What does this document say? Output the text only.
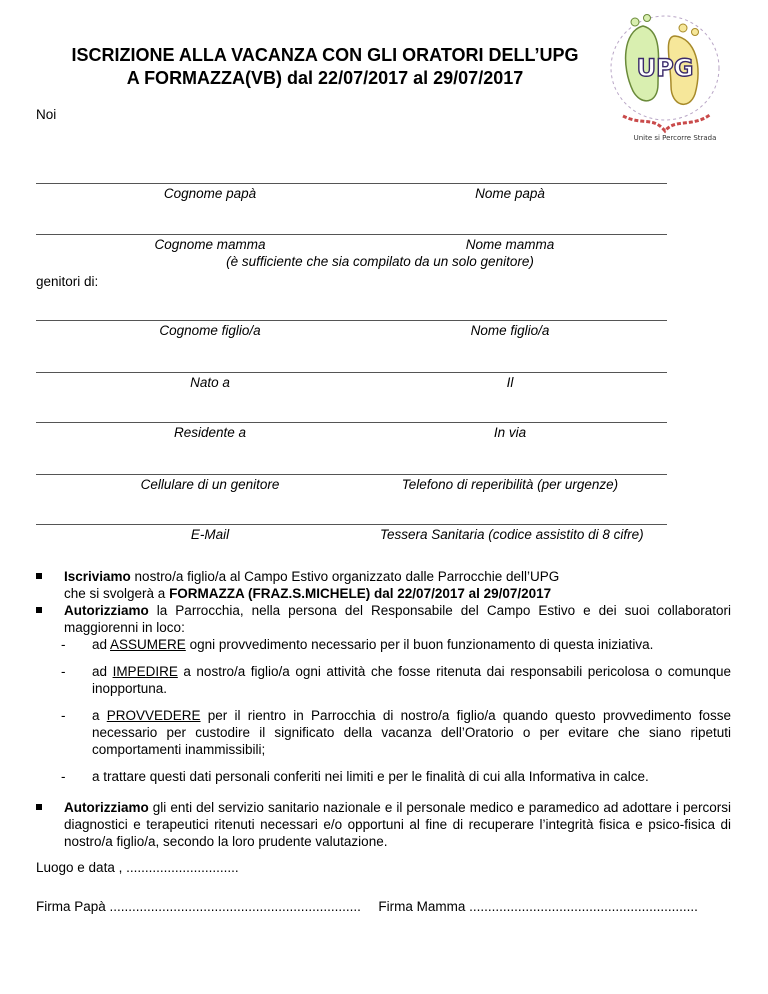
ISCRIZIONE ALLA VACANZA CON GLI ORATORI DELL’UPG
A FORMAZZA(VB) dal 22/07/2017 al 29/07/2017	UPG
Unite si Percorre Strada
Noi
Cognome papà	Nome papà
Cognome mamma	Nome mamma
(è sufficiente che sia compilato da un solo genitore)
genitori di:
Cognome figlio/a	Nome figlio/a
Nato a	Il
Residente a	In via
Cellulare di un genitore	Telefono di reperibilità (per urgenze)
E-Mail	Tessera Sanitaria (codice assistito di 8 cifre)
Iscriviamo nostro/a figlio/a al Campo Estivo organizzato dalle Parrocchie dell’UPG
che si svolgerà a FORMAZZA (FRAZ.S.MICHELE) dal 22/07/2017 al 29/07/2017
Autorizziamo la Parrocchia, nella persona del Responsabile del Campo Estivo e dei suoi collaboratori maggiorenni in loco:
- ad ASSUMERE ogni provvedimento necessario per il buon funzionamento di questa iniziativa.
- ad IMPEDIRE a nostro/a figlio/a ogni attività che fosse ritenuta dai responsabili pericolosa o comunque inopportuna.
- a PROVVEDERE per il rientro in Parrocchia di nostro/a figlio/a quando questo provvedimento fosse necessario per custodire il significato della vacanza dell’Oratorio o per evitare che siano ripetuti comportamenti inammissibili;
- a trattare questi dati personali conferiti nei limiti e per le finalità di cui alla Informativa in calce.
Autorizziamo gli enti del servizio sanitario nazionale e il personale medico e paramedico ad adottare i percorsi diagnostici e terapeutici ritenuti necessari e/o opportuni al fine di recuperare l’integrità fisica e psico-fisica di nostro/a figlio/a, secondo la loro prudente valutazione.
Luogo e data , ..............................
Firma Papà ................................................................... Firma Mamma .............................................................
